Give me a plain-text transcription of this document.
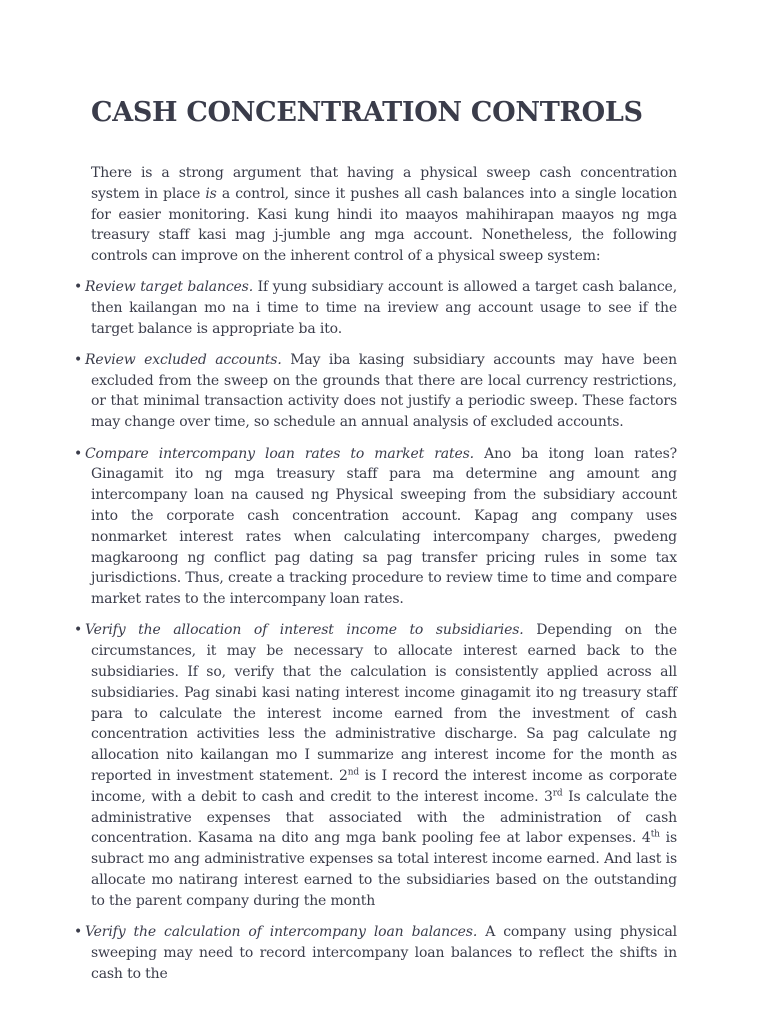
CASH CONCENTRATION CONTROLS

There is a strong argument that having a physical sweep cash concentration system in place is a control, since it pushes all cash balances into a single location for easier monitoring. Kasi kung hindi ito maayos mahihirapan maayos ng mga treasury staff kasi mag j-jumble ang mga account. Nonetheless, the following controls can improve on the inherent control of a physical sweep system:

• Review target balances. If yung subsidiary account is allowed a target cash balance, then kailangan mo na i time to time na ireview ang account usage to see if the target balance is appropriate ba ito.
• Review excluded accounts. May iba kasing subsidiary accounts may have been excluded from the sweep on the grounds that there are local currency restrictions, or that minimal transaction activity does not justify a periodic sweep. These factors may change over time, so schedule an annual analysis of excluded accounts.
• Compare intercompany loan rates to market rates. Ano ba itong loan rates? Ginagamit ito ng mga treasury staff para ma determine ang amount ang intercompany loan na caused ng Physical sweeping from the subsidiary account into the corporate cash concentration account. Kapag ang company uses nonmarket interest rates when calculating intercompany charges, pwedeng magkaroong ng conflict pag dating sa pag transfer pricing rules in some tax jurisdictions. Thus, create a tracking procedure to review time to time and compare market rates to the intercompany loan rates.
• Verify the allocation of interest income to subsidiaries. Depending on the circumstances, it may be necessary to allocate interest earned back to the subsidiaries. If so, verify that the calculation is consistently applied across all subsidiaries. Pag sinabi kasi nating interest income ginagamit ito ng treasury staff para to calculate the interest income earned from the investment of cash concentration activities less the administrative discharge. Sa pag calculate ng allocation nito kailangan mo I summarize ang interest income for the month as reported in investment statement. 2nd is I record the interest income as corporate income, with a debit to cash and credit to the interest income. 3rd Is calculate the administrative expenses that associated with the administration of cash concentration. Kasama na dito ang mga bank pooling fee at labor expenses. 4th is subract mo ang administrative expenses sa total interest income earned. And last is allocate mo natirang interest earned to the subsidiaries based on the outstanding to the parent company during the month
• Verify the calculation of intercompany loan balances. A company using physical sweeping may need to record intercompany loan balances to reflect the shifts in cash to the
